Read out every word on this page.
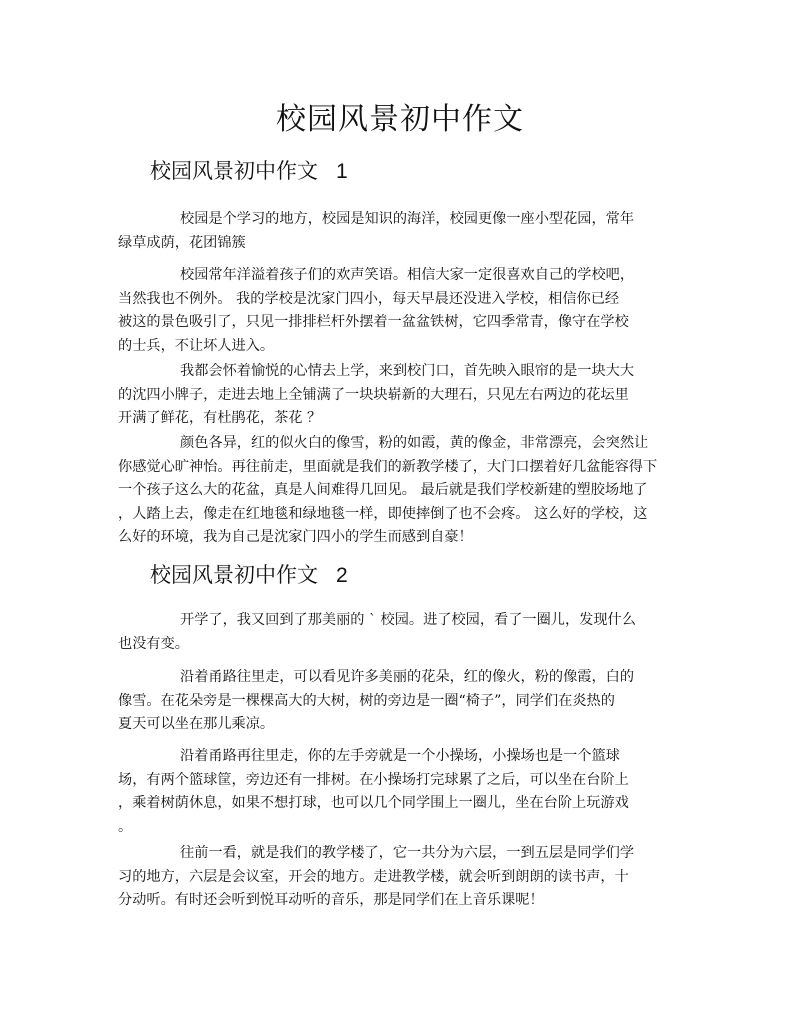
校园风景初中作文
校园风景初中作文 1
校园是个学习的地方，校园是知识的海洋，校园更像一座小型花园，常年
绿草成荫，花团锦簇
校园常年洋溢着孩子们的欢声笑语。相信大家一定很喜欢自己的学校吧，
当然我也不例外。 我的学校是沈家门四小，每天早晨还没进入学校，相信你已经
被这的景色吸引了，只见一排排栏杆外摆着一盆盆铁树，它四季常青，像守在学校
的士兵，不让坏人进入。
我都会怀着愉悦的心情去上学，来到校门口，首先映入眼帘的是一块大大
的沈四小牌子，走进去地上全铺满了一块块崭新的大理石，只见左右两边的花坛里
开满了鲜花，有杜鹃花，茶花 ？
颜色各异，红的似火白的像雪，粉的如霞，黄的像金，非常漂亮，会突然让
你感觉心旷神怡。再往前走，里面就是我们的新教学楼了，大门口摆着好几盆能容得下
一个孩子这么大的花盆，真是人间难得几回见。 最后就是我们学校新建的塑胶场地了
，人踏上去，像走在红地毯和绿地毯一样，即使摔倒了也不会疼。 这么好的学校，这
么好的环境，我为自己是沈家门四小的学生而感到自豪！
校园风景初中作文 2
开学了，我又回到了那美丽的 ` 校园。进了校园，看了一圈儿，发现什么
也没有变。
沿着甬路往里走，可以看见许多美丽的花朵，红的像火，粉的像霞，白的
像雪。在花朵旁是一棵棵高大的大树，树的旁边是一圈“椅子”，同学们在炎热的
夏天可以坐在那儿乘凉。
沿着甬路再往里走，你的左手旁就是一个小操场，小操场也是一个篮球
场，有两个篮球筐，旁边还有一排树。在小操场打完球累了之后，可以坐在台阶上
，乘着树荫休息，如果不想打球，也可以几个同学围上一圈儿，坐在台阶上玩游戏
。
往前一看，就是我们的教学楼了，它一共分为六层，一到五层是同学们学
习的地方，六层是会议室，开会的地方。走进教学楼，就会听到朗朗的读书声，十
分动听。有时还会听到悦耳动听的音乐，那是同学们在上音乐课呢！
